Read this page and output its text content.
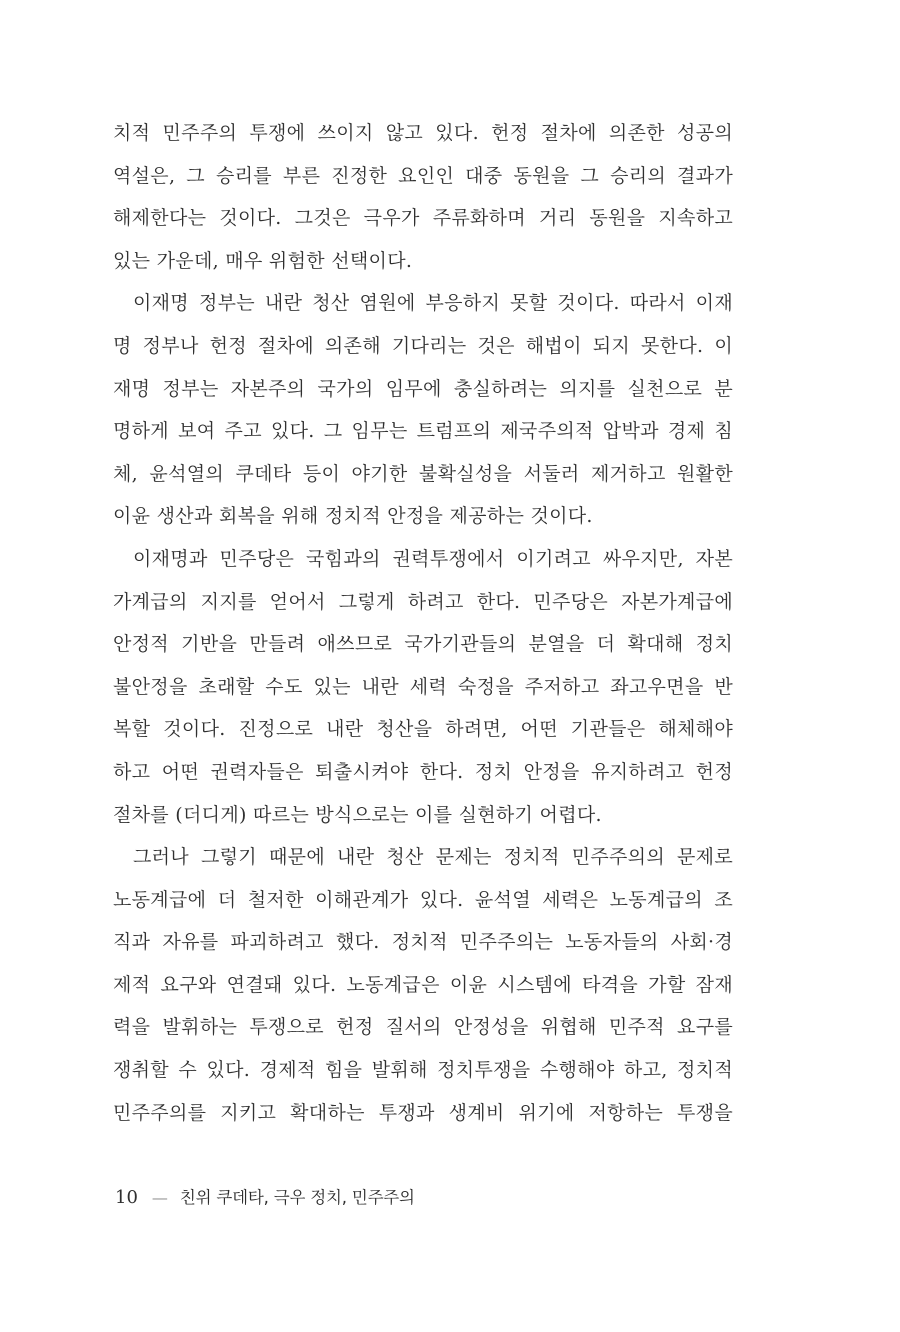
치적 민주주의 투쟁에 쓰이지 않고 있다. 헌정 절차에 의존한 성공의
역설은, 그 승리를 부른 진정한 요인인 대중 동원을 그 승리의 결과가
해제한다는 것이다. 그것은 극우가 주류화하며 거리 동원을 지속하고
있는 가운데, 매우 위험한 선택이다.
이재명 정부는 내란 청산 염원에 부응하지 못할 것이다. 따라서 이재
명 정부나 헌정 절차에 의존해 기다리는 것은 해법이 되지 못한다. 이
재명 정부는 자본주의 국가의 임무에 충실하려는 의지를 실천으로 분
명하게 보여 주고 있다. 그 임무는 트럼프의 제국주의적 압박과 경제 침
체, 윤석열의 쿠데타 등이 야기한 불확실성을 서둘러 제거하고 원활한
이윤 생산과 회복을 위해 정치적 안정을 제공하는 것이다.
이재명과 민주당은 국힘과의 권력투쟁에서 이기려고 싸우지만, 자본
가계급의 지지를 얻어서 그렇게 하려고 한다. 민주당은 자본가계급에
안정적 기반을 만들려 애쓰므로 국가기관들의 분열을 더 확대해 정치
불안정을 초래할 수도 있는 내란 세력 숙정을 주저하고 좌고우면을 반
복할 것이다. 진정으로 내란 청산을 하려면, 어떤 기관들은 해체해야
하고 어떤 권력자들은 퇴출시켜야 한다. 정치 안정을 유지하려고 헌정
절차를 (더디게) 따르는 방식으로는 이를 실현하기 어렵다.
그러나 그렇기 때문에 내란 청산 문제는 정치적 민주주의의 문제로
노동계급에 더 철저한 이해관계가 있다. 윤석열 세력은 노동계급의 조
직과 자유를 파괴하려고 했다. 정치적 민주주의는 노동자들의 사회·경
제적 요구와 연결돼 있다. 노동계급은 이윤 시스템에 타격을 가할 잠재
력을 발휘하는 투쟁으로 헌정 질서의 안정성을 위협해 민주적 요구를
쟁취할 수 있다. 경제적 힘을 발휘해 정치투쟁을 수행해야 하고, 정치적
민주주의를 지키고 확대하는 투쟁과 생계비 위기에 저항하는 투쟁을
10 — 친위 쿠데타, 극우 정치, 민주주의
